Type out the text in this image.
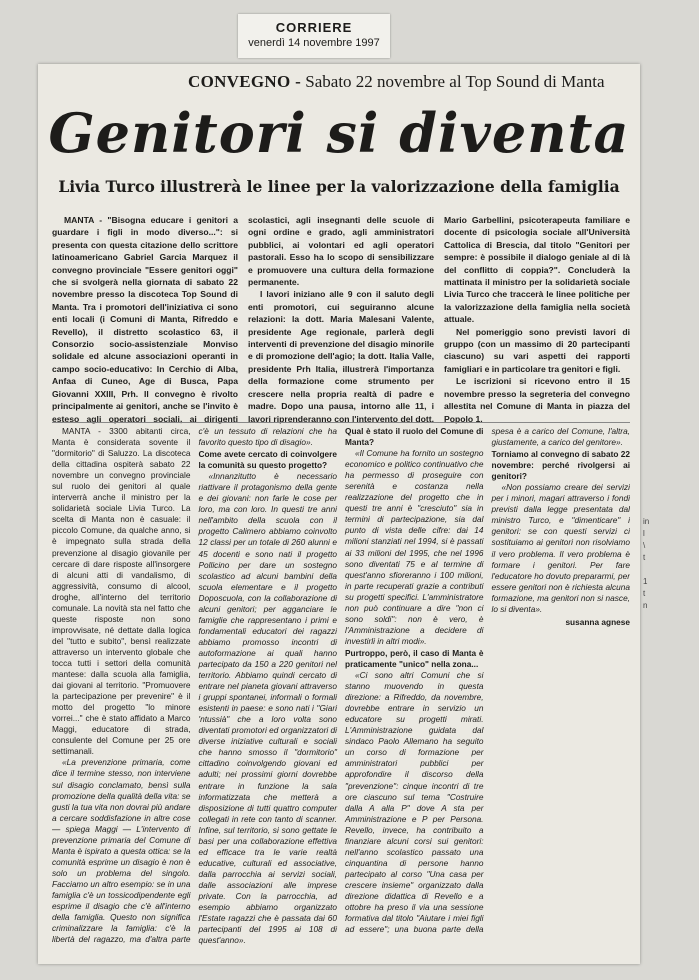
CORRIERE
venerdì 14 novembre 1997
CONVEGNO - Sabato 22 novembre al Top Sound di Manta
Genitori si diventa
Livia Turco illustrerà le linee per la valorizzazione della famiglia

MANTA - "Bisogna educare i genitori a guardare i figli in modo diverso...": si presenta con questa citazione dello scrittore latinoamericano Gabriel Garcia Marquez il convegno provinciale "Essere genitori oggi" che si svolgerà nella giornata di sabato 22 novembre presso la discoteca Top Sound di Manta. Tra i promotori dell'iniziativa ci sono enti locali (i Comuni di Manta, Rifreddo e Revello), il distretto scolastico 63, il Consorzio socio-assistenziale Monviso solidale ed alcune associazioni operanti in campo socio-educativo: In Cerchio di Alba, Anfaa di Cuneo, Age di Busca, Papa Giovanni XXIII, Prh. Il convegno è rivolto principalmente ai genitori, anche se l'invito è esteso agli operatori sociali, ai dirigenti scolastici, agli insegnanti delle scuole di ogni ordine e grado, agli amministratori pubblici, ai volontari ed agli operatori pastorali. Esso ha lo scopo di sensibilizzare e promuovere una cultura della formazione permanente.

I lavori iniziano alle 9 con il saluto degli enti promotori, cui seguiranno alcune relazioni: la dott. Maria Malesani Valente, presidente Age regionale, parlerà degli interventi di prevenzione del disagio minorile e di promozione dell'agio; la dott. Italia Valle, presidente Prh Italia, illustrerà l'importanza della formazione come strumento per crescere nella propria realtà di padre e madre. Dopo una pausa, intorno alle 11, i lavori riprenderanno con l'intervento del dott. Mario Garbellini, psicoterapeuta familiare e docente di psicologia sociale all'Università Cattolica di Brescia, dal titolo "Genitori per sempre: è possibile il dialogo geniale al di là del conflitto di coppia?". Concluderà la mattinata il ministro per la solidarietà sociale Livia Turco che traccerà le linee politiche per la valorizzazione della famiglia nella società attuale.

Nel pomeriggio sono previsti lavori di gruppo (con un massimo di 20 partecipanti ciascuno) su vari aspetti dei rapporti famigliari e in particolare tra genitori e figli.

Le iscrizioni si ricevono entro il 15 novembre presso la segreteria del convegno allestita nel Comune di Manta in piazza del Popolo 1.

MANTA - 3300 abitanti circa, Manta è considerata sovente il "dormitorio" di Saluzzo. La discoteca della cittadina ospiterà sabato 22 novembre un convegno provinciale sul ruolo dei genitori al quale interverrà anche il ministro per la solidarietà sociale Livia Turco. La scelta di Manta non è casuale: il piccolo Comune, da qualche anno, si è impegnato sulla strada della prevenzione al disagio giovanile per cercare di dare risposte all'insorgere di alcuni atti di vandalismo, di aggressività, consumo di alcool, droghe, all'interno del territorio comunale. La novità sta nel fatto che queste risposte non sono improvvisate, né dettate dalla logica del "tutto e subito", bensì realizzate attraverso un intervento globale che tocca tutti i settori della comunità mantese: dalla scuola alla famiglia, dai giovani al territorio. "Promuovere la partecipazione per prevenire" è il motto del progetto "lo minore vorrei..." che è stato affidato a Marco Maggi, educatore di strada, consulente del Comune per 25 ore settimanali.

«La prevenzione primaria, come dice il termine stesso, non interviene sul disagio conclamato, bensì sulla promozione della qualità della vita: se gusti la tua vita non dovrai più andare a cercare soddisfazione in altre cose — spiega Maggi — L'intervento di prevenzione primaria del Comune di Manta è ispirato a questa ottica: se la comunità esprime un disagio è non è solo un problema del singolo. Facciamo un altro esempio: se in una famiglia c'è un tossicodipendente egli esprime il disagio che c'è all'interno della famiglia. Questo non significa criminalizzare la famiglia: c'è la libertà del ragazzo, ma d'altra parte c'è un tessuto di relazioni che ha favorito questo tipo di disagio».

Come avete cercato di coinvolgere la comunità su questo progetto?

«Innanzitutto è necessario riattivare il protagonismo della gente e dei giovani: non farle le cose per loro, ma con loro. In questi tre anni nell'ambito della scuola con il progetto Calimero abbiamo coinvolto 12 classi per un totale di 260 alunni e 45 docenti e sono nati il progetto Pollicino per dare un sostegno scolastico ad alcuni bambini della scuola elementare e il progetto Doposcuola, con la collaborazione di alcuni genitori; per agganciare le famiglie che rappresentano i primi e fondamentali educatori dei ragazzi abbiamo promosso incontri di autoformazione ai quali hanno partecipato da 150 a 220 genitori nel territorio. Abbiamo quindi cercato di entrare nel pianeta giovani attraverso i gruppi spontanei, informali o formali esistenti in paese: e sono nati i "Giari 'ntussià" che a loro volta sono diventati promotori ed organizzatori di diverse iniziative culturali e sociali che hanno smosso il "dormitorio" cittadino coinvolgendo giovani ed adulti; nei prossimi giorni dovrebbe entrare in funzione la sala informatizzata che metterà a disposizione di tutti quattro computer collegati in rete con tanto di scanner. Infine, sul territorio, si sono gettate le basi per una collaborazione effettiva ed efficace tra le varie realtà educative, culturali ed associative, dalla parrocchia ai servizi sociali, dalle associazioni alle imprese private. Con la parrocchia, ad esempio abbiamo organizzato l'Estate ragazzi che è passata dai 60 partecipanti del 1995 ai 108 di quest'anno».

Qual è stato il ruolo del Comune di Manta?

«Il Comune ha fornito un sostegno economico e politico continuativo che ha permesso di proseguire con serenità e costanza nella realizzazione del progetto che in questi tre anni è "cresciuto" sia in termini di partecipazione, sia dal punto di vista delle cifre: dai 14 milioni stanziati nel 1994, si è passati ai 33 milioni del 1995, che nel 1996 sono diventati 75 e al termine di quest'anno sfioreranno i 100 milioni, in parte recuperati grazie a contributi su progetti specifici. L'amministratore non può continuare a dire "non ci sono soldi": non è vero, è l'Amministrazione a decidere di investirli in altri modi».

Purtroppo, però, il caso di Manta è praticamente "unico" nella zona...

«Ci sono altri Comuni che si stanno muovendo in questa direzione: a Rifreddo, da novembre, dovrebbe entrare in servizio un educatore su progetti mirati. L'Amministrazione guidata dal sindaco Paolo Allemano ha seguito un corso di formazione per amministratori pubblici per approfondire il discorso della "prevenzione": cinque incontri di tre ore ciascuno sul tema "Costruire dalla A alla P" dove A sta per Amministrazione e P per Persona. Revello, invece, ha contribuito a finanziare alcuni corsi sui genitori: nell'anno scolastico passato una cinquantina di persone hanno partecipato al corso "Una casa per crescere insieme" organizzato dalla direzione didattica di Revello e a ottobre ha preso il via una sessione formativa dal titolo "Aiutare i miei figli ad essere"; una buona parte della spesa è a carico del Comune, l'altra, giustamente, a carico del genitore».

Torniamo al convegno di sabato 22 novembre: perché rivolgersi ai genitori?

«Non possiamo creare dei servizi per i minori, magari attraverso i fondi previsti dalla legge presentata dal ministro Turco, e "dimenticare" i genitori: se con questi servizi ci sostituiamo ai genitori non risolviamo il vero problema. Il vero problema è formare i genitori. Per fare l'educatore ho dovuto prepararmi, per essere genitori non è richiesta alcuna formazione, ma genitori non si nasce, lo si diventa».

susanna agnese

in
l
\
t

1
t
n
